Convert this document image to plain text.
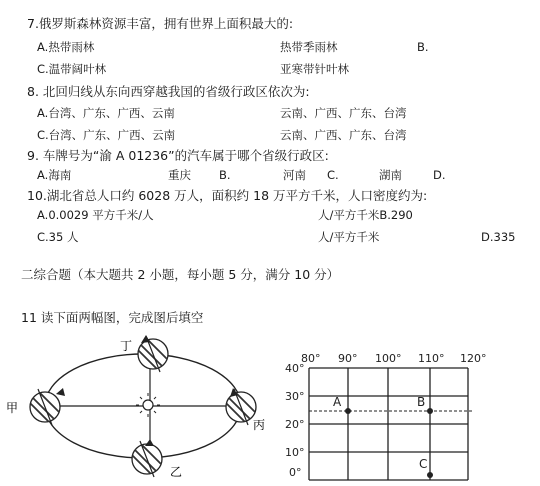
7.俄罗斯森林资源丰富，拥有世界上面积最大的:
A.热带雨林	热带季雨林	B.
C.温带阔叶林	亚寒带针叶林
8. 北回归线从东向西穿越我国的省级行政区依次为:
A.台湾、广东、广西、云南	云南、广西、广东、台湾
C.台湾、广东、广西、云南	云南、广西、广东、台湾
9. 车牌号为“渝 A 01236”的汽车属于哪个省级行政区:
A.海南	重庆 B.	河南 C.	湖南	D.
10.湖北省总人口约 6028 万人，面积约 18 万平方千米，人口密度约为:
A.0.0029 平方千米/人	人/平方千米B.290
C.35 人	人/平方千米	D.335
二综合题（本大题共 2 小题，每小题 5 分，满分 10 分）
11 读下面两幅图，完成图后填空
丁
甲
丙
乙
80° 90° 100° 110° 120°
40°
30°
20°
10°
0°
A	B
C
